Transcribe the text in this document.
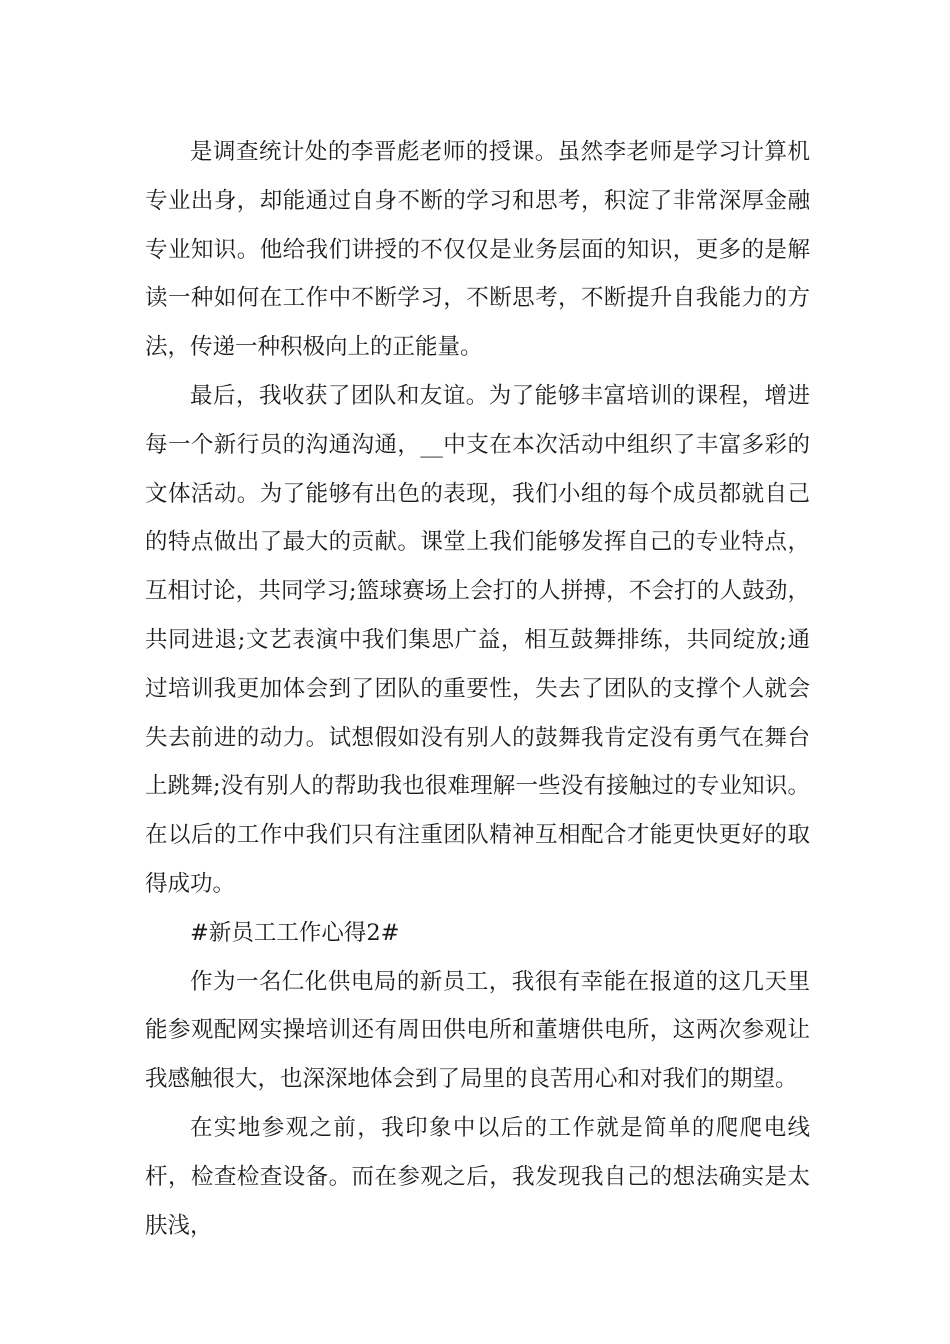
是调查统计处的李晋彪老师的授课。虽然李老师是学习计算机专业出身，却能通过自身不断的学习和思考，积淀了非常深厚金融专业知识。他给我们讲授的不仅仅是业务层面的知识，更多的是解读一种如何在工作中不断学习，不断思考，不断提升自我能力的方法，传递一种积极向上的正能量。

最后，我收获了团队和友谊。为了能够丰富培训的课程，增进每一个新行员的沟通沟通，__中支在本次活动中组织了丰富多彩的文体活动。为了能够有出色的表现，我们小组的每个成员都就自己的特点做出了最大的贡献。课堂上我们能够发挥自己的专业特点，互相讨论，共同学习;篮球赛场上会打的人拼搏，不会打的人鼓劲，共同进退;文艺表演中我们集思广益，相互鼓舞排练，共同绽放;通过培训我更加体会到了团队的重要性，失去了团队的支撑个人就会失去前进的动力。试想假如没有别人的鼓舞我肯定没有勇气在舞台上跳舞;没有别人的帮助我也很难理解一些没有接触过的专业知识。在以后的工作中我们只有注重团队精神互相配合才能更快更好的取得成功。

#新员工工作心得2#

作为一名仁化供电局的新员工，我很有幸能在报道的这几天里能参观配网实操培训还有周田供电所和董塘供电所，这两次参观让我感触很大，也深深地体会到了局里的良苦用心和对我们的期望。

在实地参观之前，我印象中以后的工作就是简单的爬爬电线杆，检查检查设备。而在参观之后，我发现我自己的想法确实是太肤浅，
